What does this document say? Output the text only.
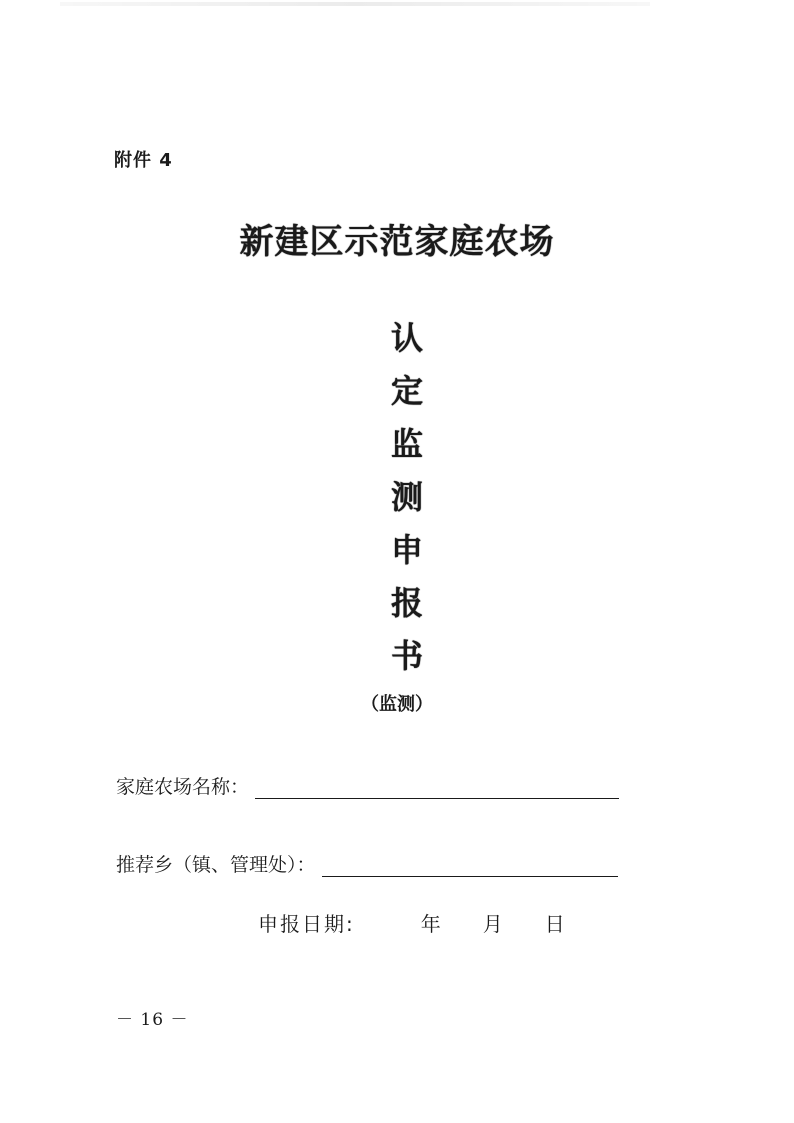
附件 4
新建区示范家庭农场
认
定
监
测
申
报
书
（监测）
家庭农场名称：
推荐乡（镇、管理处）：
申报日期:	年 月 日
－ 16 －
